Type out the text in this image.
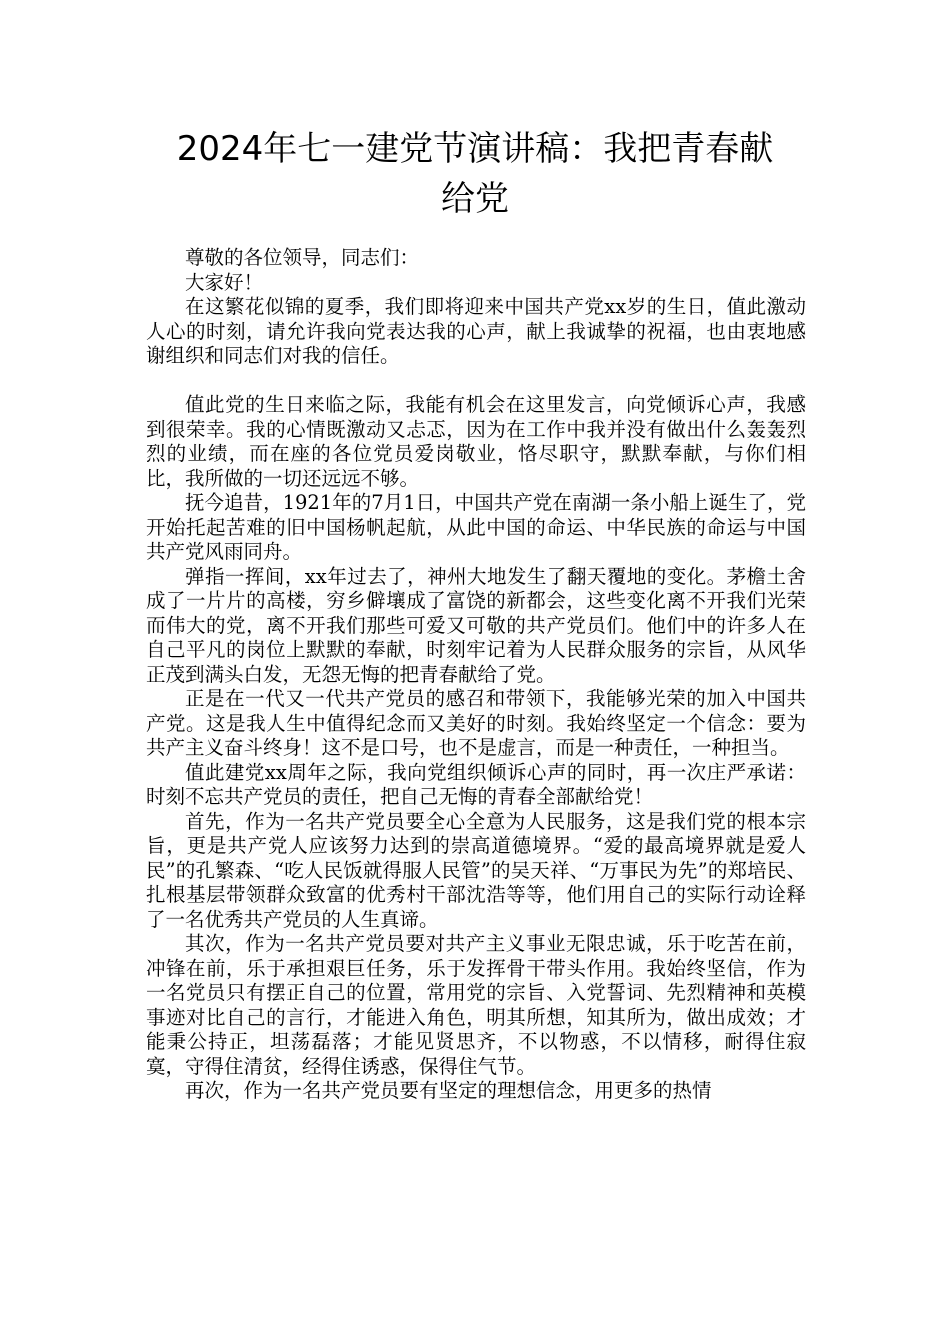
2024年七一建党节演讲稿：我把青春献
给党

尊敬的各位领导，同志们：

大家好！

在这繁花似锦的夏季，我们即将迎来中国共产党xx岁的生日，值此激动人心的时刻，请允许我向党表达我的心声，献上我诚挚的祝福，也由衷地感谢组织和同志们对我的信任。

值此党的生日来临之际，我能有机会在这里发言，向党倾诉心声，我感到很荣幸。我的心情既激动又忐忑，因为在工作中我并没有做出什么轰轰烈烈的业绩，而在座的各位党员爱岗敬业，恪尽职守，默默奉献，与你们相比，我所做的一切还远远不够。

抚今追昔，1921年的7月1日，中国共产党在南湖一条小船上诞生了，党开始托起苦难的旧中国杨帆起航，从此中国的命运、中华民族的命运与中国共产党风雨同舟。

弹指一挥间，xx年过去了，神州大地发生了翻天覆地的变化。茅檐土舍成了一片片的高楼，穷乡僻壤成了富饶的新都会，这些变化离不开我们光荣而伟大的党，离不开我们那些可爱又可敬的共产党员们。他们中的许多人在自己平凡的岗位上默默的奉献，时刻牢记着为人民群众服务的宗旨，从风华正茂到满头白发，无怨无悔的把青春献给了党。

正是在一代又一代共产党员的感召和带领下，我能够光荣的加入中国共产党。这是我人生中值得纪念而又美好的时刻。我始终坚定一个信念：要为共产主义奋斗终身！这不是口号，也不是虚言，而是一种责任，一种担当。

值此建党xx周年之际，我向党组织倾诉心声的同时，再一次庄严承诺：时刻不忘共产党员的责任，把自己无悔的青春全部献给党！

首先，作为一名共产党员要全心全意为人民服务，这是我们党的根本宗旨，更是共产党人应该努力达到的崇高道德境界。“爱的最高境界就是爱人民”的孔繁森、“吃人民饭就得服人民管”的吴天祥、“万事民为先”的郑培民、扎根基层带领群众致富的优秀村干部沈浩等等，他们用自己的实际行动诠释了一名优秀共产党员的人生真谛。

其次，作为一名共产党员要对共产主义事业无限忠诚，乐于吃苦在前，冲锋在前，乐于承担艰巨任务，乐于发挥骨干带头作用。我始终坚信，作为一名党员只有摆正自己的位置，常用党的宗旨、入党誓词、先烈精神和英模事迹对比自己的言行，才能进入角色，明其所想，知其所为，做出成效；才能秉公持正，坦荡磊落；才能见贤思齐，不以物惑，不以情移，耐得住寂寞，守得住清贫，经得住诱惑，保得住气节。

再次，作为一名共产党员要有坚定的理想信念，用更多的热情
